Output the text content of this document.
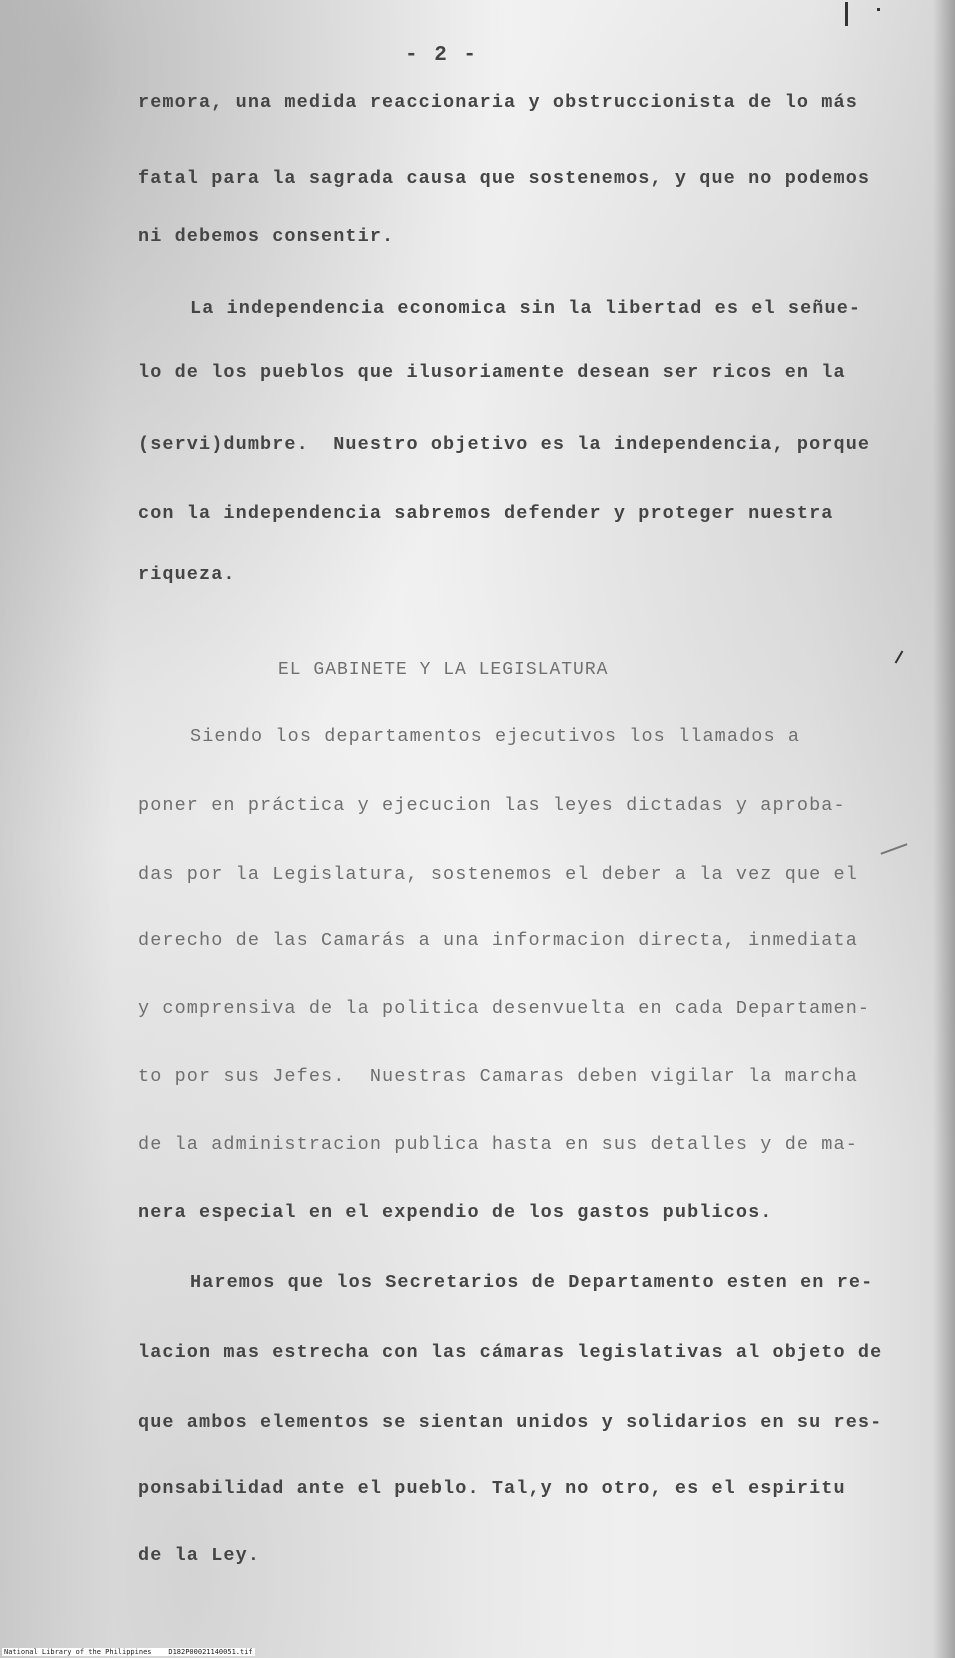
- 2 -
remora, una medida reaccionaria y obstruccionista de lo más
fatal para la sagrada causa que sostenemos, y que no podemos
ni debemos consentir.
La independencia economica sin la libertad es el señue-
lo de los pueblos que ilusoriamente desean ser ricos en la
(servi)dumbre.  Nuestro objetivo es la independencia, porque
con la independencia sabremos defender y proteger nuestra
riqueza.
EL GABINETE Y LA LEGISLATURA
Siendo los departamentos ejecutivos los llamados a
poner en práctica y ejecucion las leyes dictadas y aproba-
das por la Legislatura, sostenemos el deber a la vez que el
derecho de las Camarás a una informacion directa, inmediata
y comprensiva de la politica desenvuelta en cada Departamen-
to por sus Jefes.  Nuestras Camaras deben vigilar la marcha
de la administracion publica hasta en sus detalles y de ma-
nera especial en el expendio de los gastos publicos.
Haremos que los Secretarios de Departamento esten en re-
lacion mas estrecha con las cámaras legislativas al objeto de
que ambos elementos se sientan unidos y solidarios en su res-
ponsabilidad ante el pueblo. Tal,y no otro, es el espiritu
de la Ley.
National Library of the Philippines    D182P00021140051.tif
